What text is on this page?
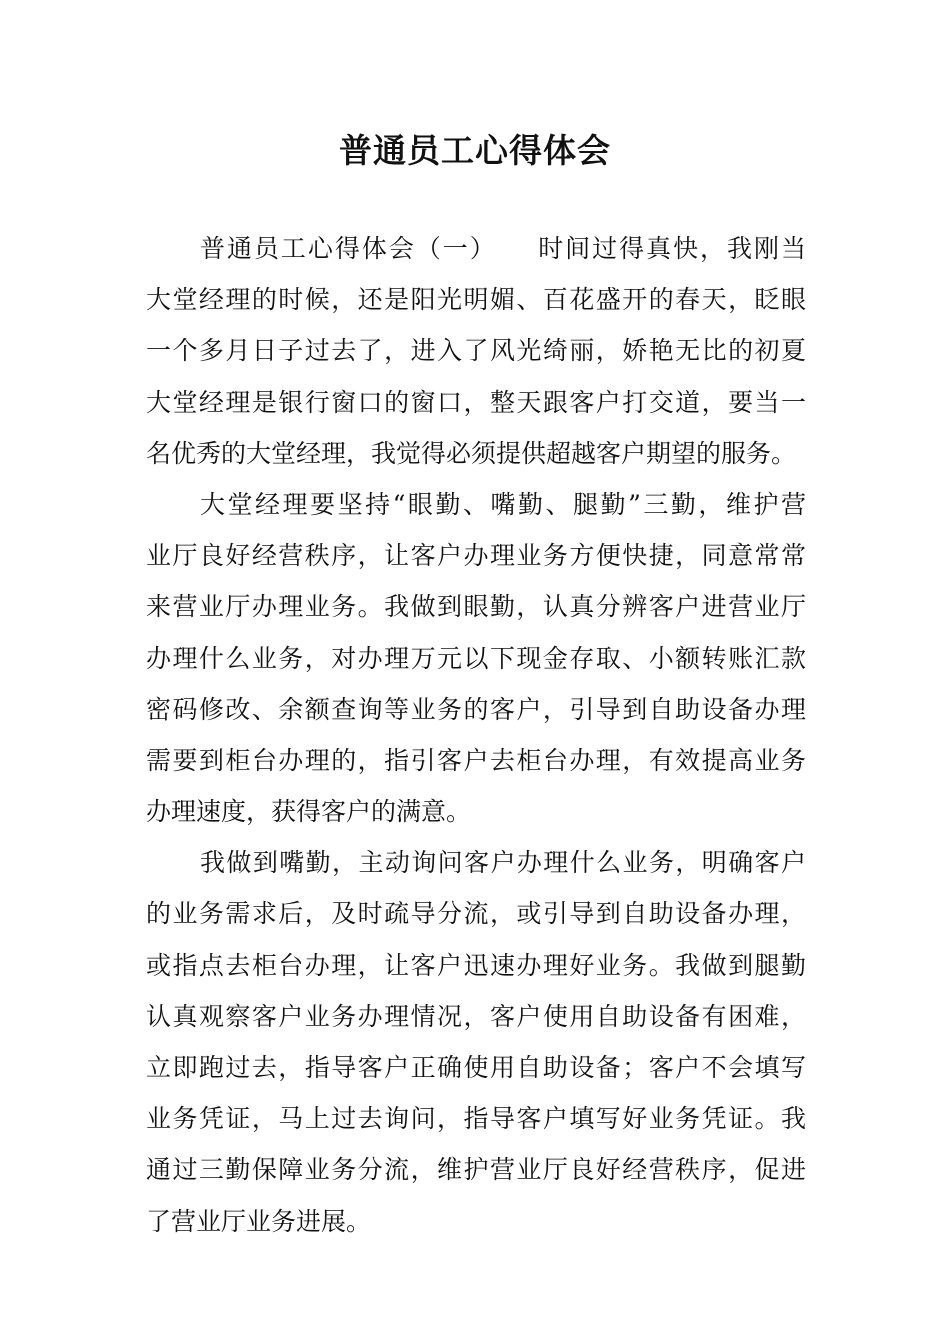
普通员工心得体会
普通员工心得体会（一）　　时间过得真快，我刚当
大堂经理的时候，还是阳光明媚、百花盛开的春天，眨眼
一个多月日子过去了，进入了风光绮丽，娇艳无比的初夏
大堂经理是银行窗口的窗口，整天跟客户打交道，要当一
名优秀的大堂经理，我觉得必须提供超越客户期望的服务。
大堂经理要坚持“眼勤、嘴勤、腿勤”三勤，维护营
业厅良好经营秩序，让客户办理业务方便快捷，同意常常
来营业厅办理业务。我做到眼勤，认真分辨客户进营业厅
办理什么业务，对办理万元以下现金存取、小额转账汇款
密码修改、余额查询等业务的客户，引导到自助设备办理
需要到柜台办理的，指引客户去柜台办理，有效提高业务
办理速度，获得客户的满意。
我做到嘴勤，主动询问客户办理什么业务，明确客户
的业务需求后，及时疏导分流，或引导到自助设备办理，
或指点去柜台办理，让客户迅速办理好业务。我做到腿勤
认真观察客户业务办理情况，客户使用自助设备有困难，
立即跑过去，指导客户正确使用自助设备；客户不会填写
业务凭证，马上过去询问，指导客户填写好业务凭证。我
通过三勤保障业务分流，维护营业厅良好经营秩序，促进
了营业厅业务进展。
